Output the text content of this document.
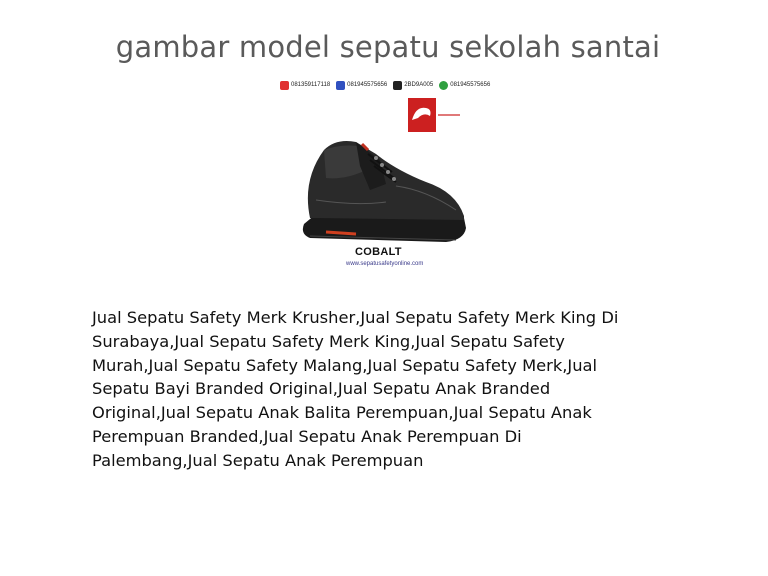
gambar model sepatu sekolah santai
081359117118	081945575656	2BD9A005	081945575656
COBALT
www.sepatusafetyonline.com
Jual Sepatu Safety Merk Krusher,Jual Sepatu Safety Merk King Di Surabaya,Jual Sepatu Safety Merk King,Jual Sepatu Safety Murah,Jual Sepatu Safety Malang,Jual Sepatu Safety Merk,Jual Sepatu Bayi Branded Original,Jual Sepatu Anak Branded Original,Jual Sepatu Anak Balita Perempuan,Jual Sepatu Anak Perempuan Branded,Jual Sepatu Anak Perempuan Di Palembang,Jual Sepatu Anak Perempuan
